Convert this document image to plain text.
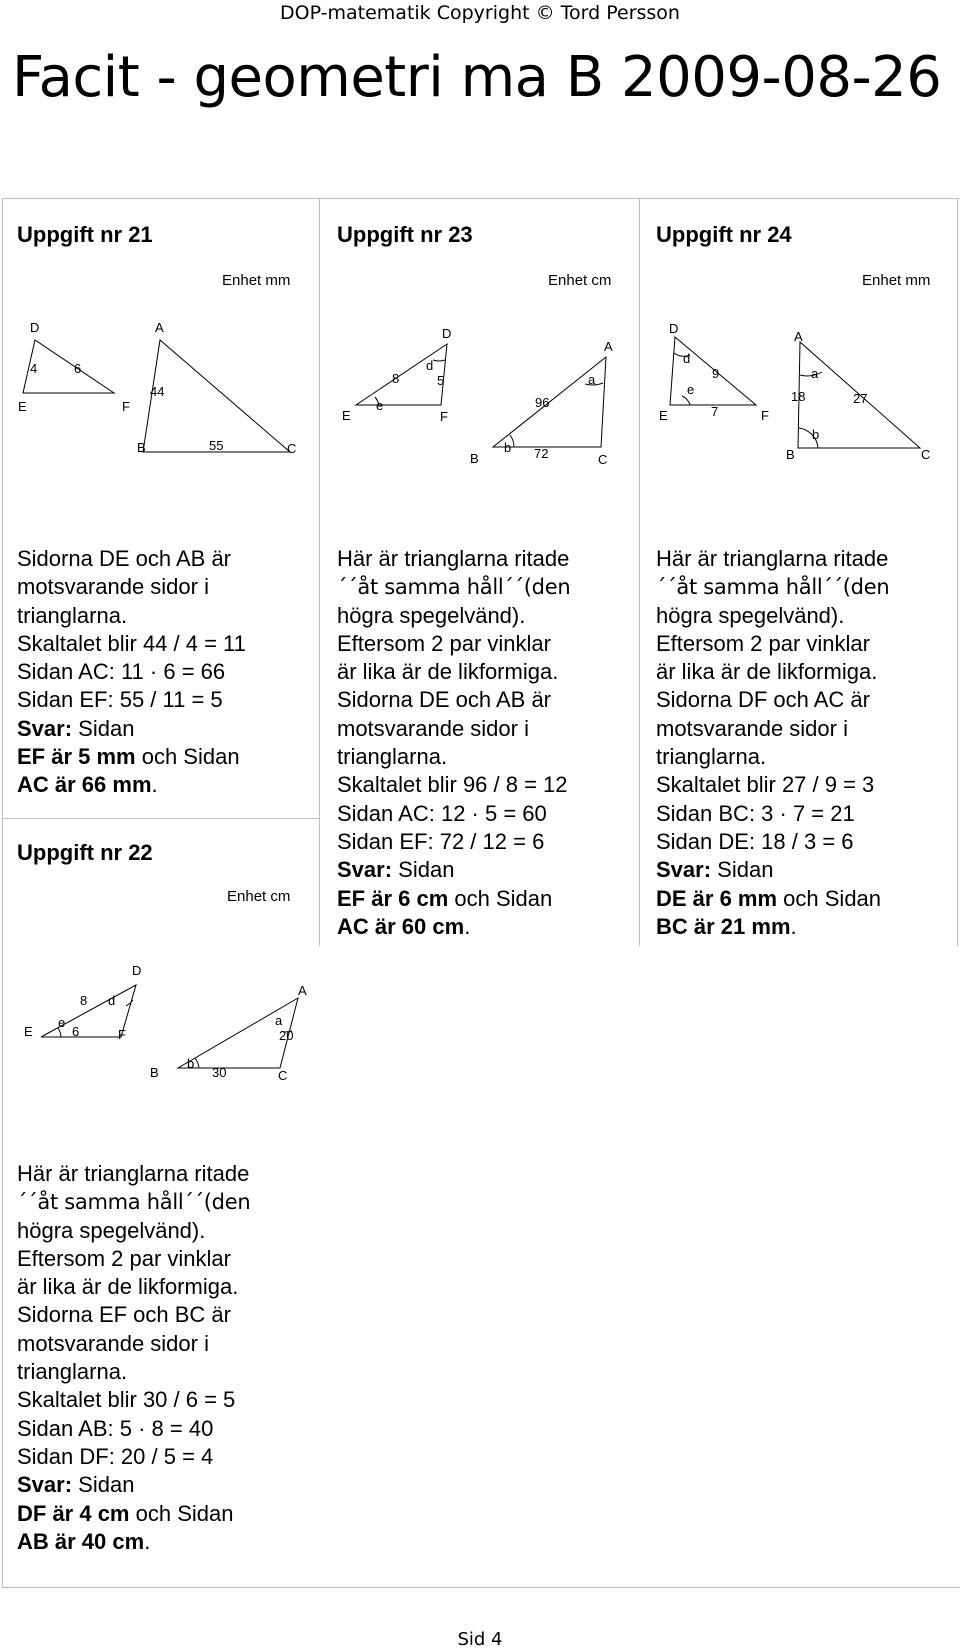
DOP-matematik Copyright © Tord Persson
Facit - geometri ma B 2009-08-26
Uppgift nr 21
Enhet mm
D
4	6
E	F
A
44
B	55	C
Sidorna DE och AB är
motsvarande sidor i
trianglarna.
Skaltalet blir 44 / 4 = 11
Sidan AC: 11 · 6 = 66
Sidan EF: 55 / 11 = 5
Svar: Sidan
EF är 5 mm och Sidan
AC är 66 mm.
Uppgift nr 22
Enhet cm
D
8 d
E
e
6	F
A
a
20
B
b
30	C
Här är trianglarna ritade
´´åt samma håll´´(den
högra spegelvänd).
Eftersom 2 par vinklar
är lika är de likformiga.
Sidorna EF och BC är
motsvarande sidor i
trianglarna.
Skaltalet blir 30 / 6 = 5
Sidan AB: 5 · 8 = 40
Sidan DF: 20 / 5 = 4
Svar: Sidan
DF är 4 cm och Sidan
AB är 40 cm.
Uppgift nr 23
Enhet cm
D
d
8	5
E
e
F
A
a
96
B
b 72	C
Här är trianglarna ritade
´´åt samma håll´´(den
högra spegelvänd).
Eftersom 2 par vinklar
är lika är de likformiga.
Sidorna DE och AB är
motsvarande sidor i
trianglarna.
Skaltalet blir 96 / 8 = 12
Sidan AC: 12 · 5 = 60
Sidan EF: 72 / 12 = 6
Svar: Sidan
EF är 6 cm och Sidan
AC är 60 cm.
Uppgift nr 24
Enhet mm
D
d
9
e
E	7	F
A
a
18	27
B
b
C
Här är trianglarna ritade
´´åt samma håll´´(den
högra spegelvänd).
Eftersom 2 par vinklar
är lika är de likformiga.
Sidorna DF och AC är
motsvarande sidor i
trianglarna.
Skaltalet blir 27 / 9 = 3
Sidan BC: 3 · 7 = 21
Sidan DE: 18 / 3 = 6
Svar: Sidan
DE är 6 mm och Sidan
BC är 21 mm.
Sid 4
